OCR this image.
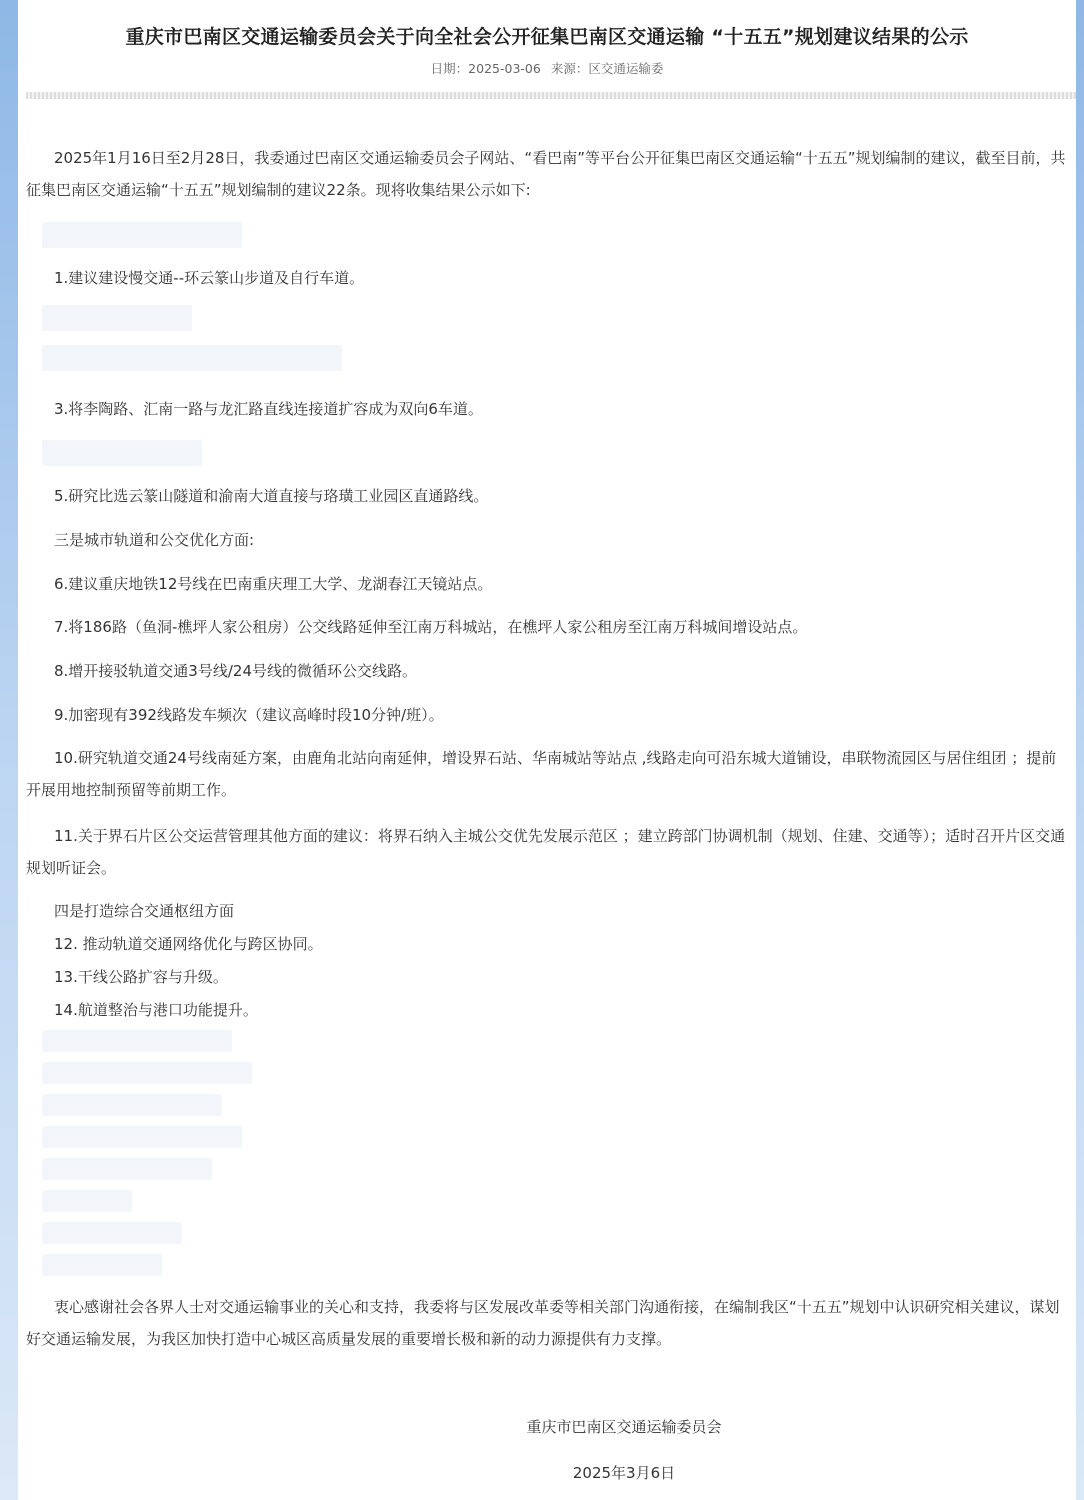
重庆市巴南区交通运输委员会关于向全社会公开征集巴南区交通运输 “十五五”规划建议结果的公示
日期：2025-03-06 来源：区交通运输委
2025年1月16日至2月28日，我委通过巴南区交通运输委员会子网站、“看巴南”等平台公开征集巴南区交通运输“十五五”规划编制的建议，截至目前，共征集巴南区交通运输“十五五”规划编制的建议22条。现将收集结果公示如下:
1.建议建设慢交通--环云篆山步道及自行车道。
3.将李陶路、汇南一路与龙汇路直线连接道扩容成为双向6车道。
5.研究比选云篆山隧道和渝南大道直接与珞璜工业园区直通路线。
三是城市轨道和公交优化方面:
6.建议重庆地铁12号线在巴南重庆理工大学、龙湖春江天镜站点。
7.将186路（鱼洞-樵坪人家公租房）公交线路延伸至江南万科城站，在樵坪人家公租房至江南万科城间增设站点。
8.增开接驳轨道交通3号线/24号线的微循环公交线路。
9.加密现有392线路发车频次（建议高峰时段10分钟/班）。
10.研究轨道交通24号线南延方案，由鹿角北站向南延伸，增设界石站、华南城站等站点 ,线路走向可沿东城大道铺设，串联物流园区与居住组团 ；提前开展用地控制预留等前期工作。
11.关于界石片区公交运营管理其他方面的建议：将界石纳入主城公交优先发展示范区 ；建立跨部门协调机制（规划、住建、交通等）；适时召开片区交通规划听证会。
四是打造综合交通枢纽方面
12. 推动轨道交通网络优化与跨区协同。
13.干线公路扩容与升级。
14.航道整治与港口功能提升。
衷心感谢社会各界人士对交通运输事业的关心和支持，我委将与区发展改革委等相关部门沟通衔接，在编制我区“十五五”规划中认识研究相关建议，谋划好交通运输发展，为我区加快打造中心城区高质量发展的重要增长极和新的动力源提供有力支撑。
重庆市巴南区交通运输委员会
2025年3月6日
